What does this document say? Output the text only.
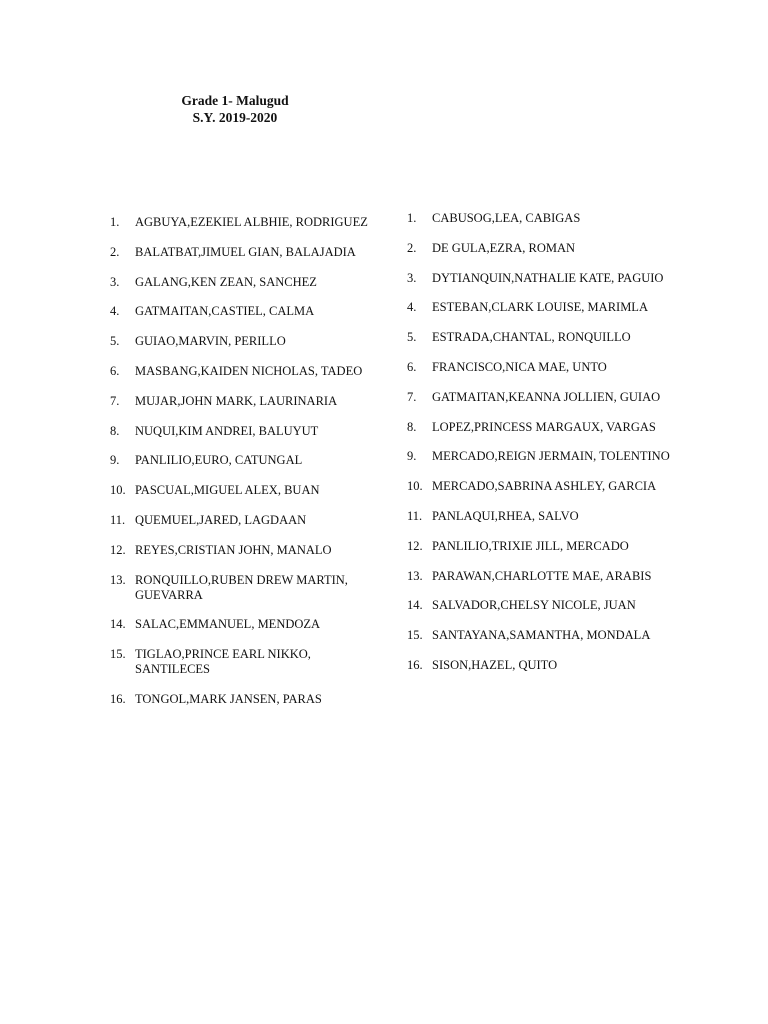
Grade 1- Malugud
S.Y. 2019-2020
1.	AGBUYA,EZEKIEL ALBHIE, RODRIGUEZ
2.	BALATBAT,JIMUEL GIAN, BALAJADIA
3.	GALANG,KEN ZEAN, SANCHEZ
4.	GATMAITAN,CASTIEL, CALMA
5.	GUIAO,MARVIN, PERILLO
6.	MASBANG,KAIDEN NICHOLAS, TADEO
7.	MUJAR,JOHN MARK, LAURINARIA
8.	NUQUI,KIM ANDREI, BALUYUT
9.	PANLILIO,EURO, CATUNGAL
10. PASCUAL,MIGUEL ALEX, BUAN
11. QUEMUEL,JARED, LAGDAAN
12. REYES,CRISTIAN JOHN, MANALO
13. RONQUILLO,RUBEN DREW MARTIN,
GUEVARRA
14. SALAC,EMMANUEL, MENDOZA
15. TIGLAO,PRINCE EARL NIKKO,
SANTILECES
16. TONGOL,MARK JANSEN, PARAS
1.	CABUSOG,LEA, CABIGAS
2.	DE GULA,EZRA, ROMAN
3.	DYTIANQUIN,NATHALIE KATE, PAGUIO
4.	ESTEBAN,CLARK LOUISE, MARIMLA
5.	ESTRADA,CHANTAL, RONQUILLO
6.	FRANCISCO,NICA MAE, UNTO
7.	GATMAITAN,KEANNA JOLLIEN, GUIAO
8.	LOPEZ,PRINCESS MARGAUX, VARGAS
9.	MERCADO,REIGN JERMAIN, TOLENTINO
10. MERCADO,SABRINA ASHLEY, GARCIA
11. PANLAQUI,RHEA, SALVO
12. PANLILIO,TRIXIE JILL, MERCADO
13. PARAWAN,CHARLOTTE MAE, ARABIS
14. SALVADOR,CHELSY NICOLE, JUAN
15. SANTAYANA,SAMANTHA, MONDALA
16. SISON,HAZEL, QUITO
